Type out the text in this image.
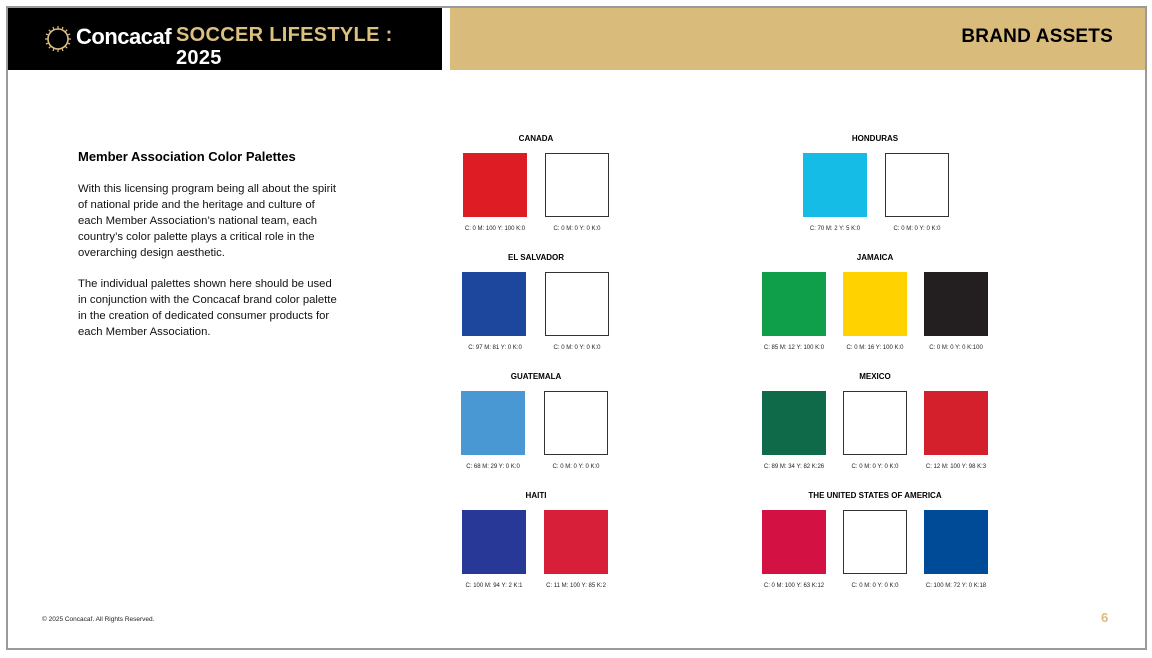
Concacaf SOCCER LIFESTYLE : 2025
BRAND ASSETS
Member Association Color Palettes
With this licensing program being all about the spirit of national pride and the heritage and culture of each Member Association’s national team, each country’s color palette plays a critical role in the overarching design aesthetic.
The individual palettes shown here should be used in conjunction with the Concacaf brand color palette in the creation of dedicated consumer products for each Member Association.
CANADA
C: 0 M: 100 Y: 100 K:0	C: 0 M: 0 Y: 0 K:0
EL SALVADOR
C: 97 M: 81 Y: 0 K:0	C: 0 M: 0 Y: 0 K:0
GUATEMALA
C: 68 M: 29 Y: 0 K:0	C: 0 M: 0 Y: 0 K:0
HAITI
C: 100 M: 94 Y: 2 K:1	C: 11 M: 100 Y: 85 K:2
HONDURAS
C: 70 M: 2 Y: 5 K:0	C: 0 M: 0 Y: 0 K:0
JAMAICA
C: 85 M: 12 Y: 100 K:0	C: 0 M: 16 Y: 100 K:0	C: 0 M: 0 Y: 0 K:100
MEXICO
C: 89 M: 34 Y: 82 K:26	C: 0 M: 0 Y: 0 K:0	C: 12 M: 100 Y: 98 K:3
THE UNITED STATES OF AMERICA
C: 0 M: 100 Y: 63 K:12	C: 0 M: 0 Y: 0 K:0	C: 100 M: 72 Y: 0 K:18
© 2025 Concacaf. All Rights Reserved.	6
